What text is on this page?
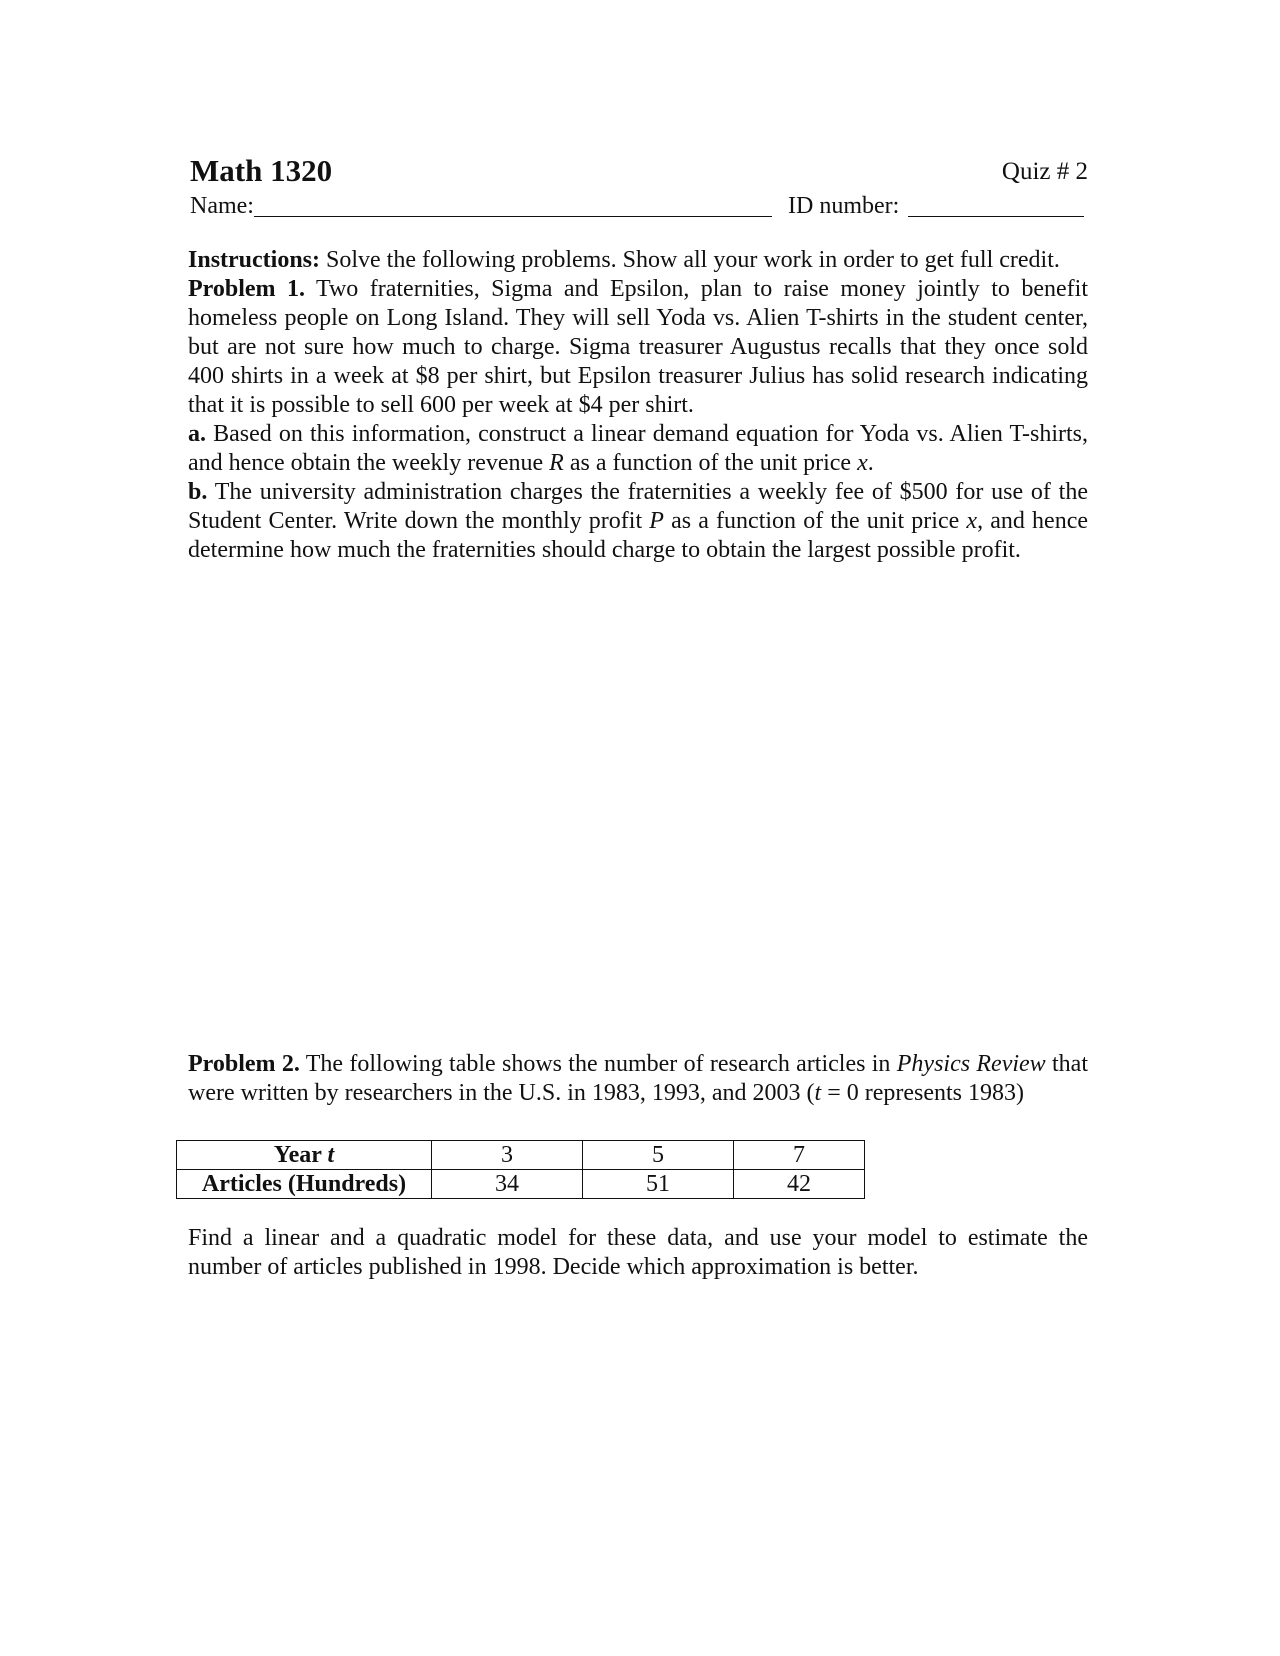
Math 1320	Quiz # 2
Name:	ID number:

Instructions: Solve the following problems. Show all your work in order to get full credit.

Problem 1. Two fraternities, Sigma and Epsilon, plan to raise money jointly to benefit homeless people on Long Island. They will sell Yoda vs. Alien T-shirts in the student center, but are not sure how much to charge. Sigma treasurer Augustus recalls that they once sold 400 shirts in a week at $8 per shirt, but Epsilon treasurer Julius has solid research indicating that it is possible to sell 600 per week at $4 per shirt.

a. Based on this information, construct a linear demand equation for Yoda vs. Alien T-shirts, and hence obtain the weekly revenue R as a function of the unit price x.

b. The university administration charges the fraternities a weekly fee of $500 for use of the Student Center. Write down the monthly profit P as a function of the unit price x, and hence determine how much the fraternities should charge to obtain the largest possible profit.

Problem 2. The following table shows the number of research articles in Physics Review that were written by researchers in the U.S. in 1983, 1993, and 2003 (t = 0 represents 1983)

Year t	3	5	7
Articles (Hundreds)	34	51	42

Find a linear and a quadratic model for these data, and use your model to estimate the number of articles published in 1998. Decide which approximation is better.
